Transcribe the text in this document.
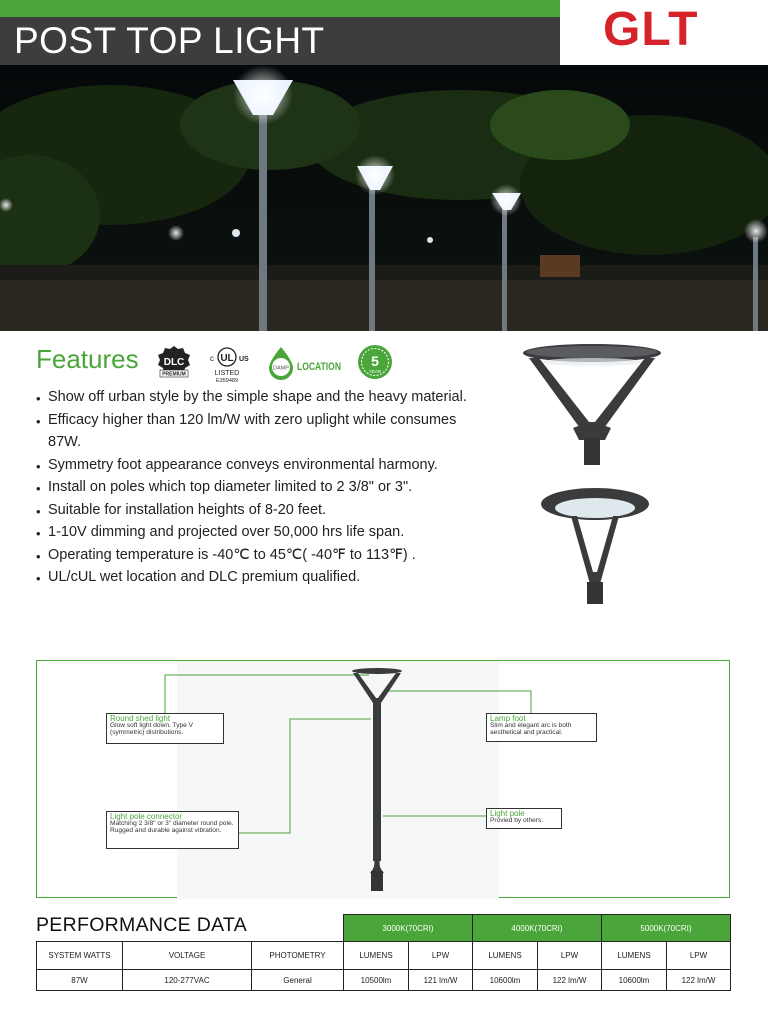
POST TOP LIGHT	GLT
Features	DLC
PREMIUM
c UL US
LISTED
E359489
DAMP LOCATION 5
YEAR
• Show off urban style by the simple shape and the heavy material.
• Efficacy higher than 120 lm/W with zero uplight while consumes 87W.
• Symmetry foot appearance conveys environmental harmony.
• Install on poles which top diameter limited to 2 3/8" or 3".
• Suitable for installation heights of 8-20 feet.
• 1-10V dimming and projected over 50,000 hrs life span.
• Operating temperature is -40℃ to 45℃( -40℉ to 113℉) .
• UL/cUL wet location and DLC premium qualified.
Round shed light
Glow soft light down. Type V (symmetric) distributions.
Light pole connector
Matching 2 3/8" or 3" diameter round pole. Rugged and durable against vibration.
Lamp foot
Slim and elegant arc is both aesthetical and practical.
Light pole
Provied by others.
PERFORMANCE DATA
			3000K(70CRI)		4000K(70CRI)		5000K(70CRI)	
SYSTEM WATTS	VOLTAGE	PHOTOMETRY	LUMENS	LPW	LUMENS	LPW	LUMENS	LPW
87W	120-277VAC	General	10500lm	121 lm/W	10600lm	122 lm/W	10600lm	122 lm/W
